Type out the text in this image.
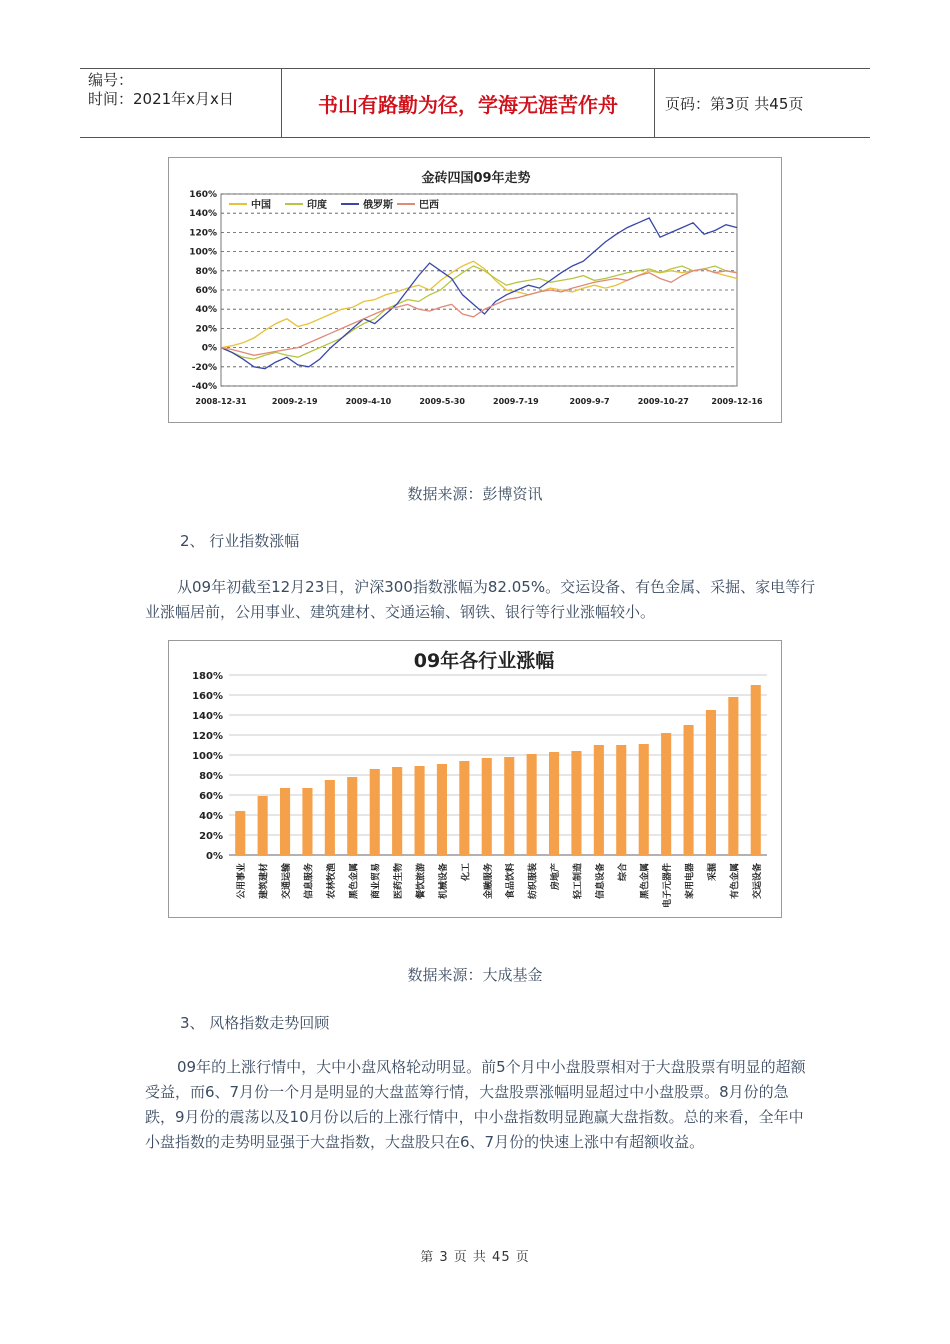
编号：
时间：2021年x月x日	书山有路勤为径，学海无涯苦作舟	页码：第3页 共45页
金砖四国09年走势
160%
140%
120%
100%
80%
60%
40%
20%
0%
-20%
-40%
2008-12-31	2009-2-19	2009-4-10	2009-5-30	2009-7-19	2009-9-7	2009-10-27	2009-12-16
中国	印度	俄罗斯	巴西
数据来源：彭博资讯
2、 行业指数涨幅
从09年初截至12月23日，沪深300指数涨幅为82.05%。交运设备、有色金属、采掘、家电等行业涨幅居前，公用事业、建筑建材、交通运输、钢铁、银行等行业涨幅较小。
09年各行业涨幅
180%
160%
140%
120%
100%
80%
60%
40%
20%
0%
公用事业 建筑建材 交通运输 信息服务 农林牧渔 黑色金属 商业贸易 医药生物 餐饮旅游 机械设备 化工 金融服务 食品饮料 纺织服装 房地产 轻工制造 信息设备 综合 黑色金属 电子元器件 家用电器 采掘 有色金属 交运设备
数据来源：大成基金
3、 风格指数走势回顾
09年的上涨行情中，大中小盘风格轮动明显。前5个月中小盘股票相对于大盘股票有明显的超额受益，而6、7月份一个月是明显的大盘蓝筹行情，大盘股票涨幅明显超过中小盘股票。8月份的急跌，9月份的震荡以及10月份以后的上涨行情中，中小盘指数明显跑赢大盘指数。总的来看，全年中小盘指数的走势明显强于大盘指数，大盘股只在6、7月份的快速上涨中有超额收益。
第 3 页 共 45 页
